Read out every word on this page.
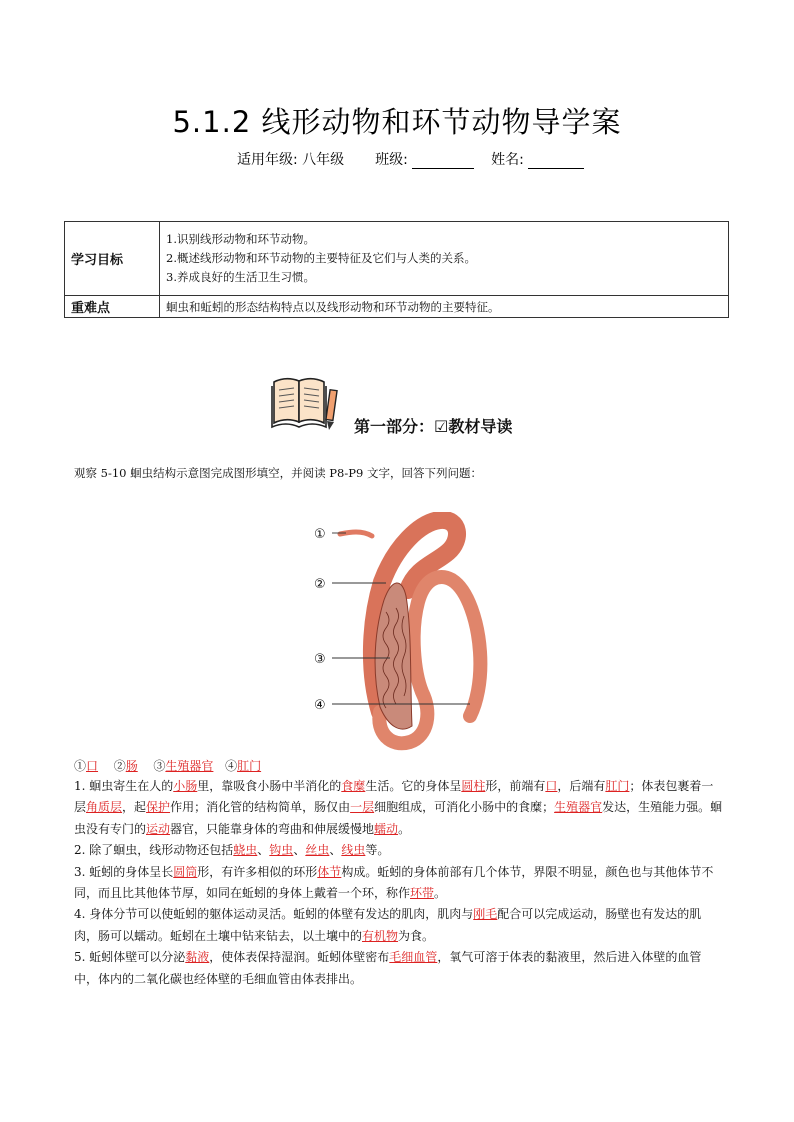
5.1.2 线形动物和环节动物导学案
适用年级: 八年级 班级:	姓名:
学习目标	1.识别线形动物和环节动物。
2.概述线形动物和环节动物的主要特征及它们与人类的关系。
3.养成良好的生活卫生习惯。

重难点	蛔虫和蚯蚓的形态结构特点以及线形动物和环节动物的主要特征。
第一部分：☑教材导读
观察 5-10 蛔虫结构示意图完成图形填空，并阅读 P8-P9 文字，回答下列问题：
①
②
③
④
①口 ②肠 ③生殖器官 ④肛门

1. 蛔虫寄生在人的小肠里，靠吸食小肠中半消化的食糜生活。它的身体呈圆柱形，前端有口，后端有肛门；体表包裹着一层角质层，起保护作用；消化管的结构简单，肠仅由一层细胞组成，可消化小肠中的食糜；生殖器官发达，生殖能力强。蛔虫没有专门的运动器官，只能靠身体的弯曲和伸展缓慢地蠕动。

2. 除了蛔虫，线形动物还包括蛲虫、钩虫、丝虫、线虫等。

3. 蚯蚓的身体呈长圆筒形，有许多相似的环形体节构成。蚯蚓的身体前部有几个体节，界限不明显，颜色也与其他体节不同，而且比其他体节厚，如同在蚯蚓的身体上戴着一个环，称作环带。

4. 身体分节可以使蚯蚓的躯体运动灵活。蚯蚓的体壁有发达的肌肉，肌肉与刚毛配合可以完成运动，肠壁也有发达的肌肉，肠可以蠕动。蚯蚓在土壤中钻来钻去，以土壤中的有机物为食。

5. 蚯蚓体壁可以分泌黏液，使体表保持湿润。蚯蚓体壁密布毛细血管，氧气可溶于体表的黏液里，然后进入体壁的血管中，体内的二氧化碳也经体壁的毛细血管由体表排出。
